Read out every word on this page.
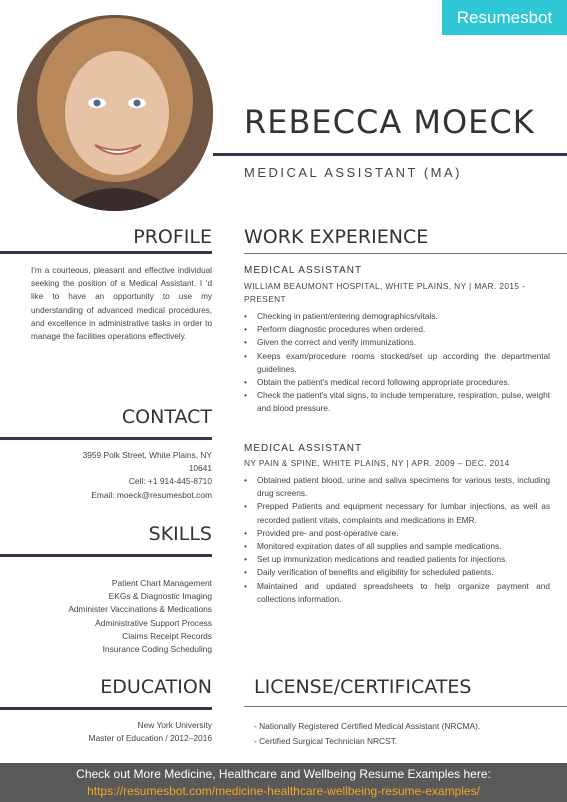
Resumesbot
REBECCA MOECK
MEDICAL ASSISTANT (MA)
PROFILE
I'm a courteous, pleasant and effective individual seeking the position of a Medical Assistant. I 'd like to have an opportunity to use my understanding of advanced medical procedures, and excellence in administrative tasks in order to manage the facilities operations effectively.
CONTACT
3959 Polk Street, White Plains, NY
10641
Cell: +1 914-445-8710
Email: moeck@resumesbot.com
SKILLS
Patient Chart Management
EKGs & Diagnostic Imaging
Administer Vaccinations & Medications
Administrative Support Process
Claims Receipt Records
Insurance Coding Scheduling
EDUCATION
New York University
Master of Education / 2012–2016
WORK EXPERIENCE
MEDICAL ASSISTANT
WILLIAM BEAUMONT HOSPITAL, WHITE PLAINS, NY | MAR. 2015 - PRESENT
• Checking in patient/entering demographics/vitals.
• Perform diagnostic procedures when ordered.
• Given the correct and verify immunizations.
• Keeps exam/procedure rooms stocked/set up according the departmental guidelines.
• Obtain the patient's medical record following appropriate procedures.
• Check the patient's vital signs, to include temperature, respiration, pulse, weight and blood pressure.
MEDICAL ASSISTANT
NY PAIN & SPINE, WHITE PLAINS, NY | APR. 2009 – DEC. 2014
• Obtained patient blood, urine and saliva specimens for various tests, including drug screens.
• Prepped Patients and equipment necessary for lumbar injections, as well as recorded patient vitals, complaints and medications in EMR.
• Provided pre- and post-operative care.
• Monitored expiration dates of all supplies and sample medications.
• Set up immunization medications and readied patients for injections.
• Daily verification of benefits and eligibility for scheduled patients.
• Maintained and updated spreadsheets to help organize payment and collections information.
LICENSE/CERTIFICATES
- Nationally Registered Certified Medical Assistant (NRCMA).
- Certified Surgical Technician NRCST.
Check out More Medicine, Healthcare and Wellbeing Resume Examples here:
https://resumesbot.com/medicine-healthcare-wellbeing-resume-examples/
